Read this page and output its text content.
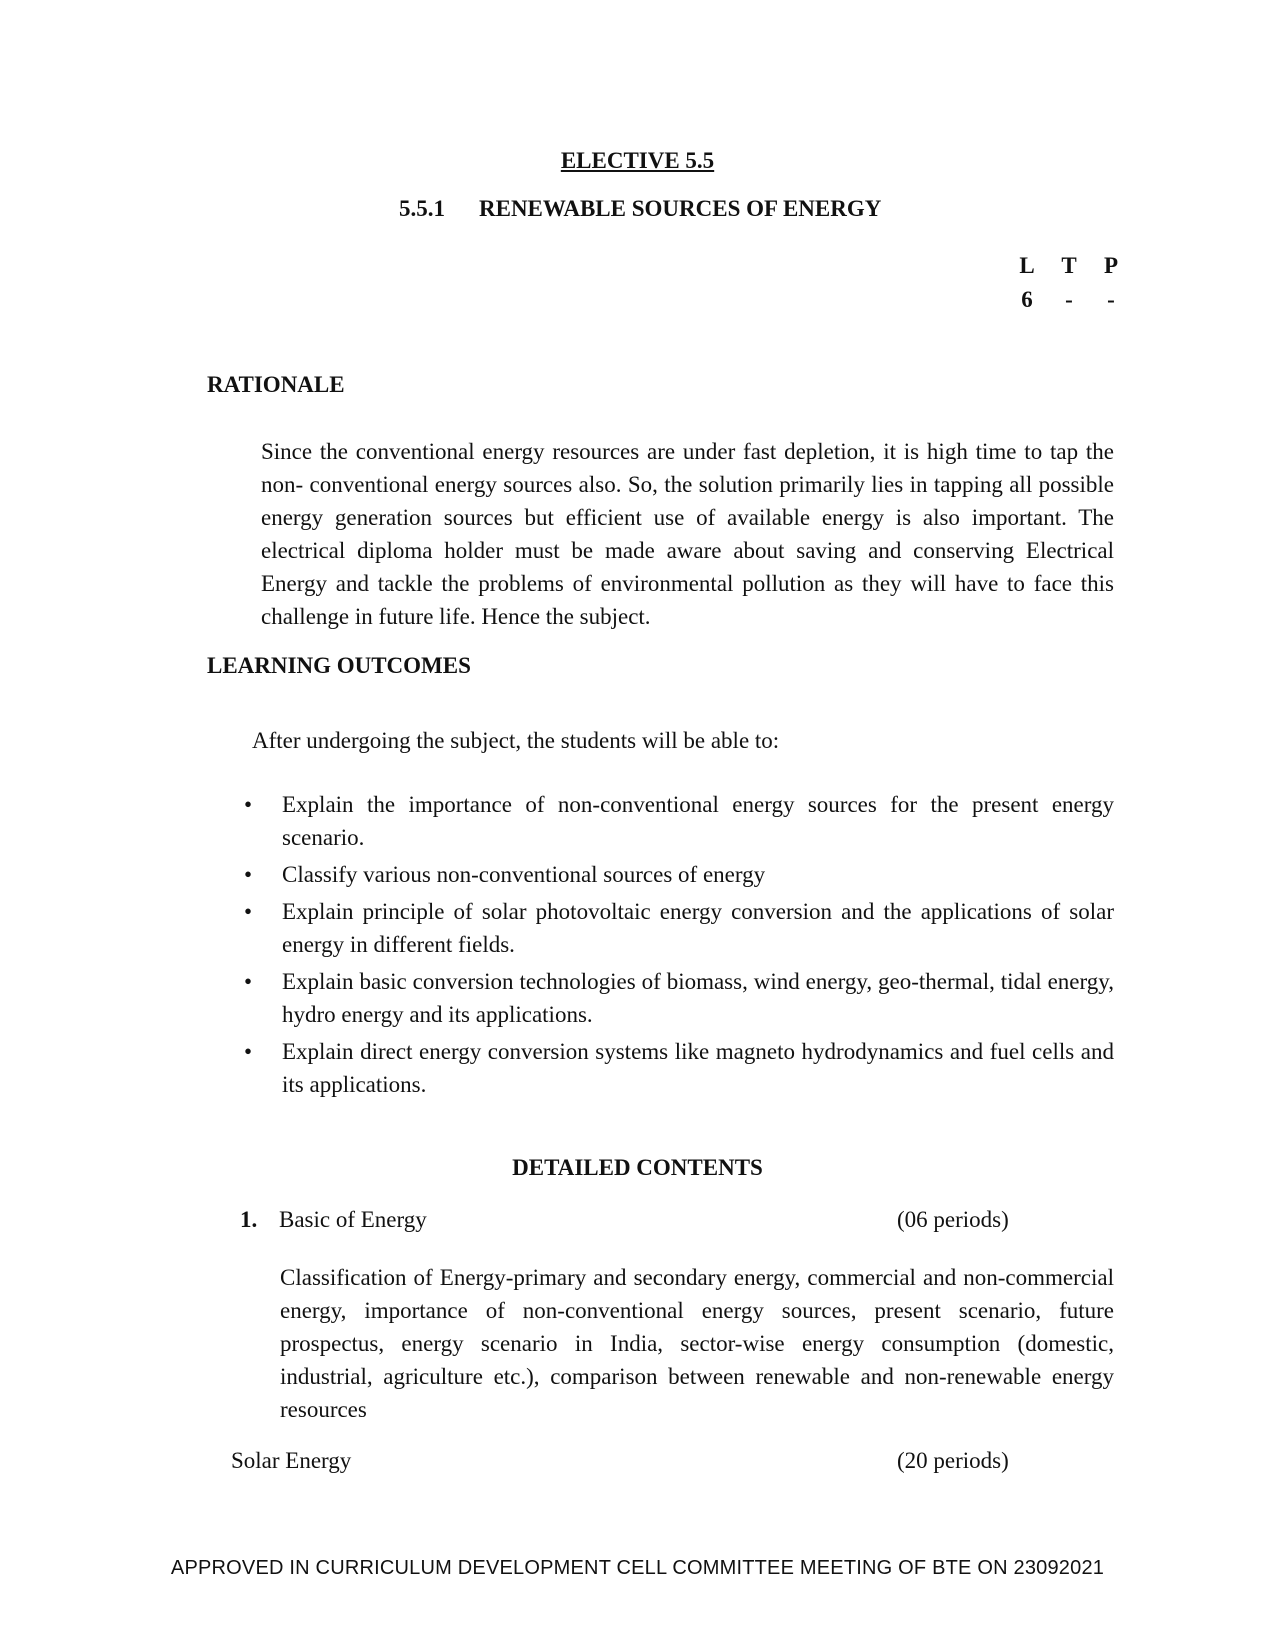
ELECTIVE 5.5
5.5.1 RENEWABLE SOURCES OF ENERGY
L T	P
6	-	-
RATIONALE
Since the conventional energy resources are under fast depletion, it is high time to tap the non- conventional energy sources also. So, the solution primarily lies in tapping all possible energy generation sources but efficient use of available energy is also important. The electrical diploma holder must be made aware about saving and conserving Electrical Energy and tackle the problems of environmental pollution as they will have to face this challenge in future life. Hence the subject.
LEARNING OUTCOMES
After undergoing the subject, the students will be able to:
• Explain the importance of non-conventional energy sources for the present energy scenario.
• Classify various non-conventional sources of energy
• Explain principle of solar photovoltaic energy conversion and the applications of solar energy in different fields.
• Explain basic conversion technologies of biomass, wind energy, geo-thermal, tidal energy, hydro energy and its applications.
• Explain direct energy conversion systems like magneto hydrodynamics and fuel cells and its applications.
DETAILED CONTENTS
1. Basic of Energy	(06 periods)
Classification of Energy-primary and secondary energy, commercial and non-commercial energy, importance of non-conventional energy sources, present scenario, future prospectus, energy scenario in India, sector-wise energy consumption (domestic, industrial, agriculture etc.), comparison between renewable and non-renewable energy resources
Solar Energy	(20 periods)
APPROVED IN CURRICULUM DEVELOPMENT CELL COMMITTEE MEETING OF BTE ON 23092021
